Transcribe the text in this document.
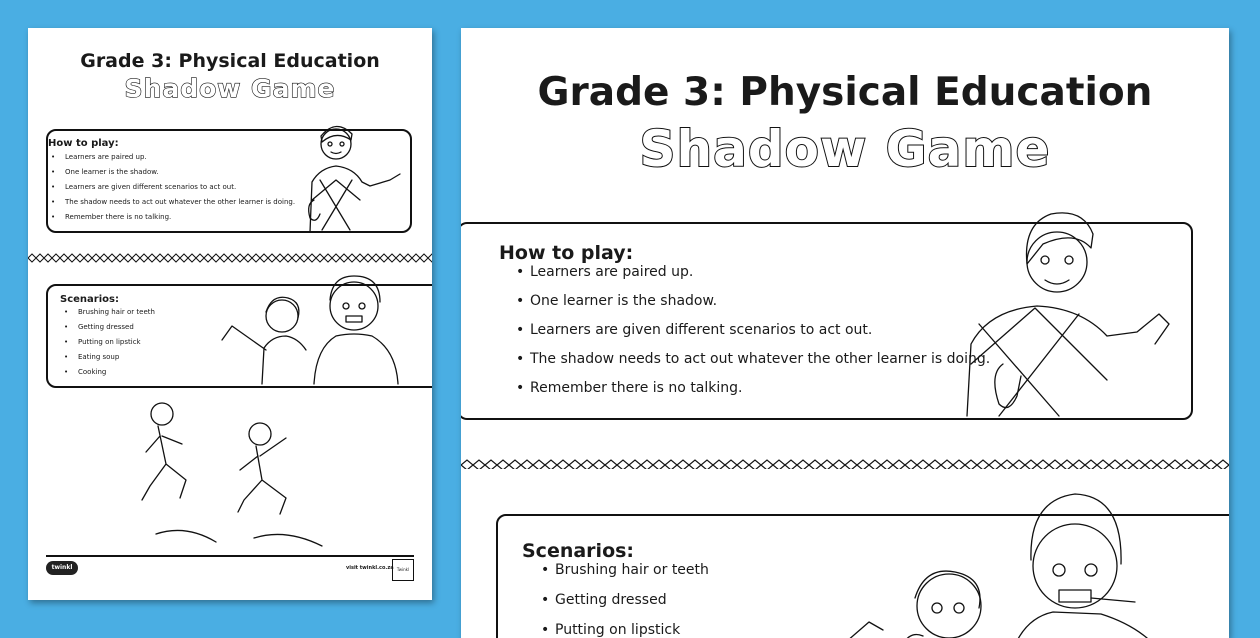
Grade 3: Physical Education
Shadow Game
How to play:
• Learners are paired up.
• One learner is the shadow.
• Learners are given different scenarios to act out.
• The shadow needs to act out whatever the other learner is doing.
• Remember there is no talking.
Scenarios:
• Brushing hair or teeth
• Getting dressed
• Putting on lipstick
• Eating soup
• Cooking
twinkl	visit twinkl.co.za Twinkl
Grade 3: Physical Education
Shadow Game
How to play:
• Learners are paired up.
• One learner is the shadow.
• Learners are given different scenarios to act out.
• The shadow needs to act out whatever the other learner is doing.
• Remember there is no talking.
Scenarios:
• Brushing hair or teeth
• Getting dressed
• Putting on lipstick
